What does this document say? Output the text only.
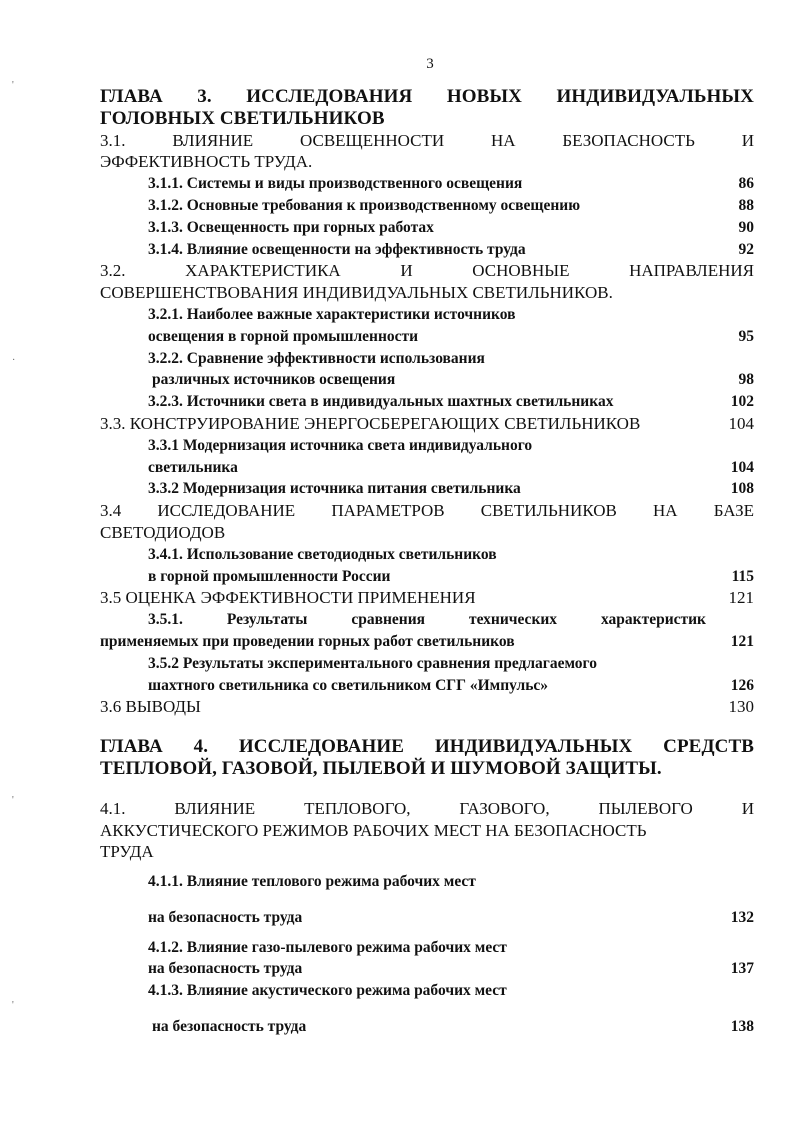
3
ГЛАВА 3. ИССЛЕДОВАНИЯ НОВЫХ ИНДИВИДУАЛЬНЫХ
ГОЛОВНЫХ СВЕТИЛЬНИКОВ
3.1. ВЛИЯНИЕ ОСВЕЩЕННОСТИ НА БЕЗОПАСНОСТЬ И
ЭФФЕКТИВНОСТЬ ТРУДА.
3.1.1. Системы и виды производственного освещения	86
3.1.2. Основные требования к производственному освещению	88
3.1.3. Освещенность при горных работах	90
3.1.4. Влияние освещенности на эффективность труда	92
3.2. ХАРАКТЕРИСТИКА И ОСНОВНЫЕ НАПРАВЛЕНИЯ
СОВЕРШЕНСТВОВАНИЯ ИНДИВИДУАЛЬНЫХ СВЕТИЛЬНИКОВ.
3.2.1. Наиболее важные характеристики источников
освещения в горной промышленности	95
3.2.2. Сравнение эффективности использования
различных источников освещения	98
3.2.3. Источники света в индивидуальных шахтных светильниках	102
3.3. КОНСТРУИРОВАНИЕ ЭНЕРГОСБЕРЕГАЮЩИХ СВЕТИЛЬНИКОВ	104
3.3.1 Модернизация источника света индивидуального
светильника	104
3.3.2 Модернизация источника питания светильника	108
3.4 ИССЛЕДОВАНИЕ ПАРАМЕТРОВ СВЕТИЛЬНИКОВ НА БАЗЕ
СВЕТОДИОДОВ
3.4.1. Использование светодиодных светильников
в горной промышленности России	115
3.5 ОЦЕНКА ЭФФЕКТИВНОСТИ ПРИМЕНЕНИЯ	121
3.5.1. Результаты сравнения технических характеристик
применяемых при проведении горных работ светильников	121
3.5.2 Результаты экспериментального сравнения предлагаемого
шахтного светильника со светильником СГГ «Импульс»	126
3.6 ВЫВОДЫ	130
ГЛАВА 4. ИССЛЕДОВАНИЕ ИНДИВИДУАЛЬНЫХ СРЕДСТВ
ТЕПЛОВОЙ, ГАЗОВОЙ, ПЫЛЕВОЙ И ШУМОВОЙ ЗАЩИТЫ.
4.1. ВЛИЯНИЕ ТЕПЛОВОГО, ГАЗОВОГО, ПЫЛЕВОГО И
АККУСТИЧЕСКОГО РЕЖИМОВ РАБОЧИХ МЕСТ НА БЕЗОПАСНОСТЬ
ТРУДА
4.1.1. Влияние теплового режима рабочих мест
на безопасность труда	132
4.1.2. Влияние газо-пылевого режима рабочих мест
на безопасность труда	137
4.1.3. Влияние акустического режима рабочих мест
на безопасность труда	138
'
·
'
'
